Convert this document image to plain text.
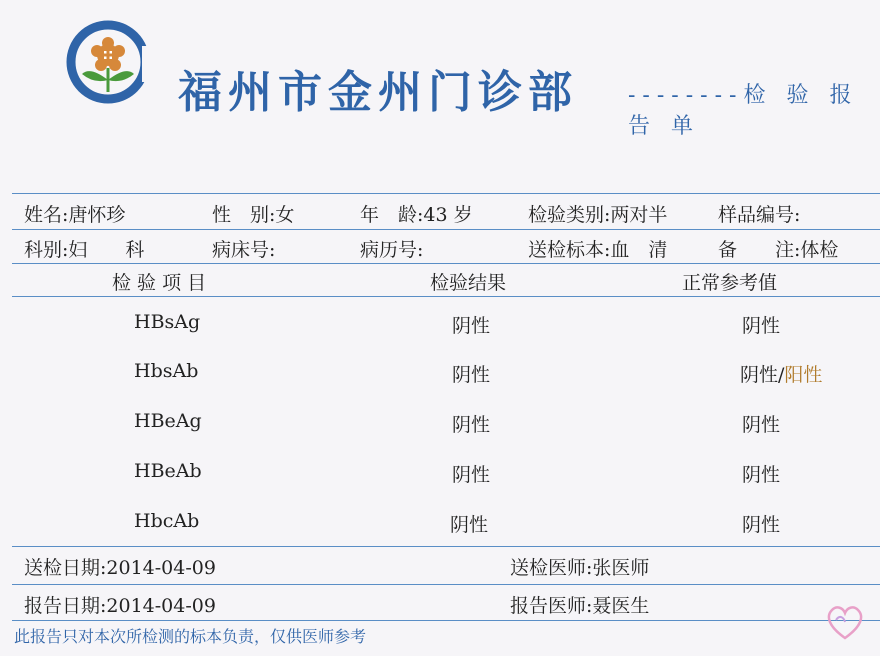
福州市金州门诊部 --------检 验 报 告 单
姓名:唐怀珍	性　别:女	年　龄:43 岁	检验类别:两对半	样品编号:
科别:妇　　科	病床号:	病历号:	送检标本:血　清	备　　注:体检
检 验 项 目	检验结果	正常参考值
HBsAg	阴性	阴性
HbsAb	阴性	阴性/阳性
HBeAg	阴性	阴性
HBeAb	阴性	阴性
HbcAb	阴性	阴性
送检日期:2014-04-09	送检医师:张医师
报告日期:2014-04-09	报告医师:聂医生
此报告只对本次所检测的标本负责，仅供医师参考
